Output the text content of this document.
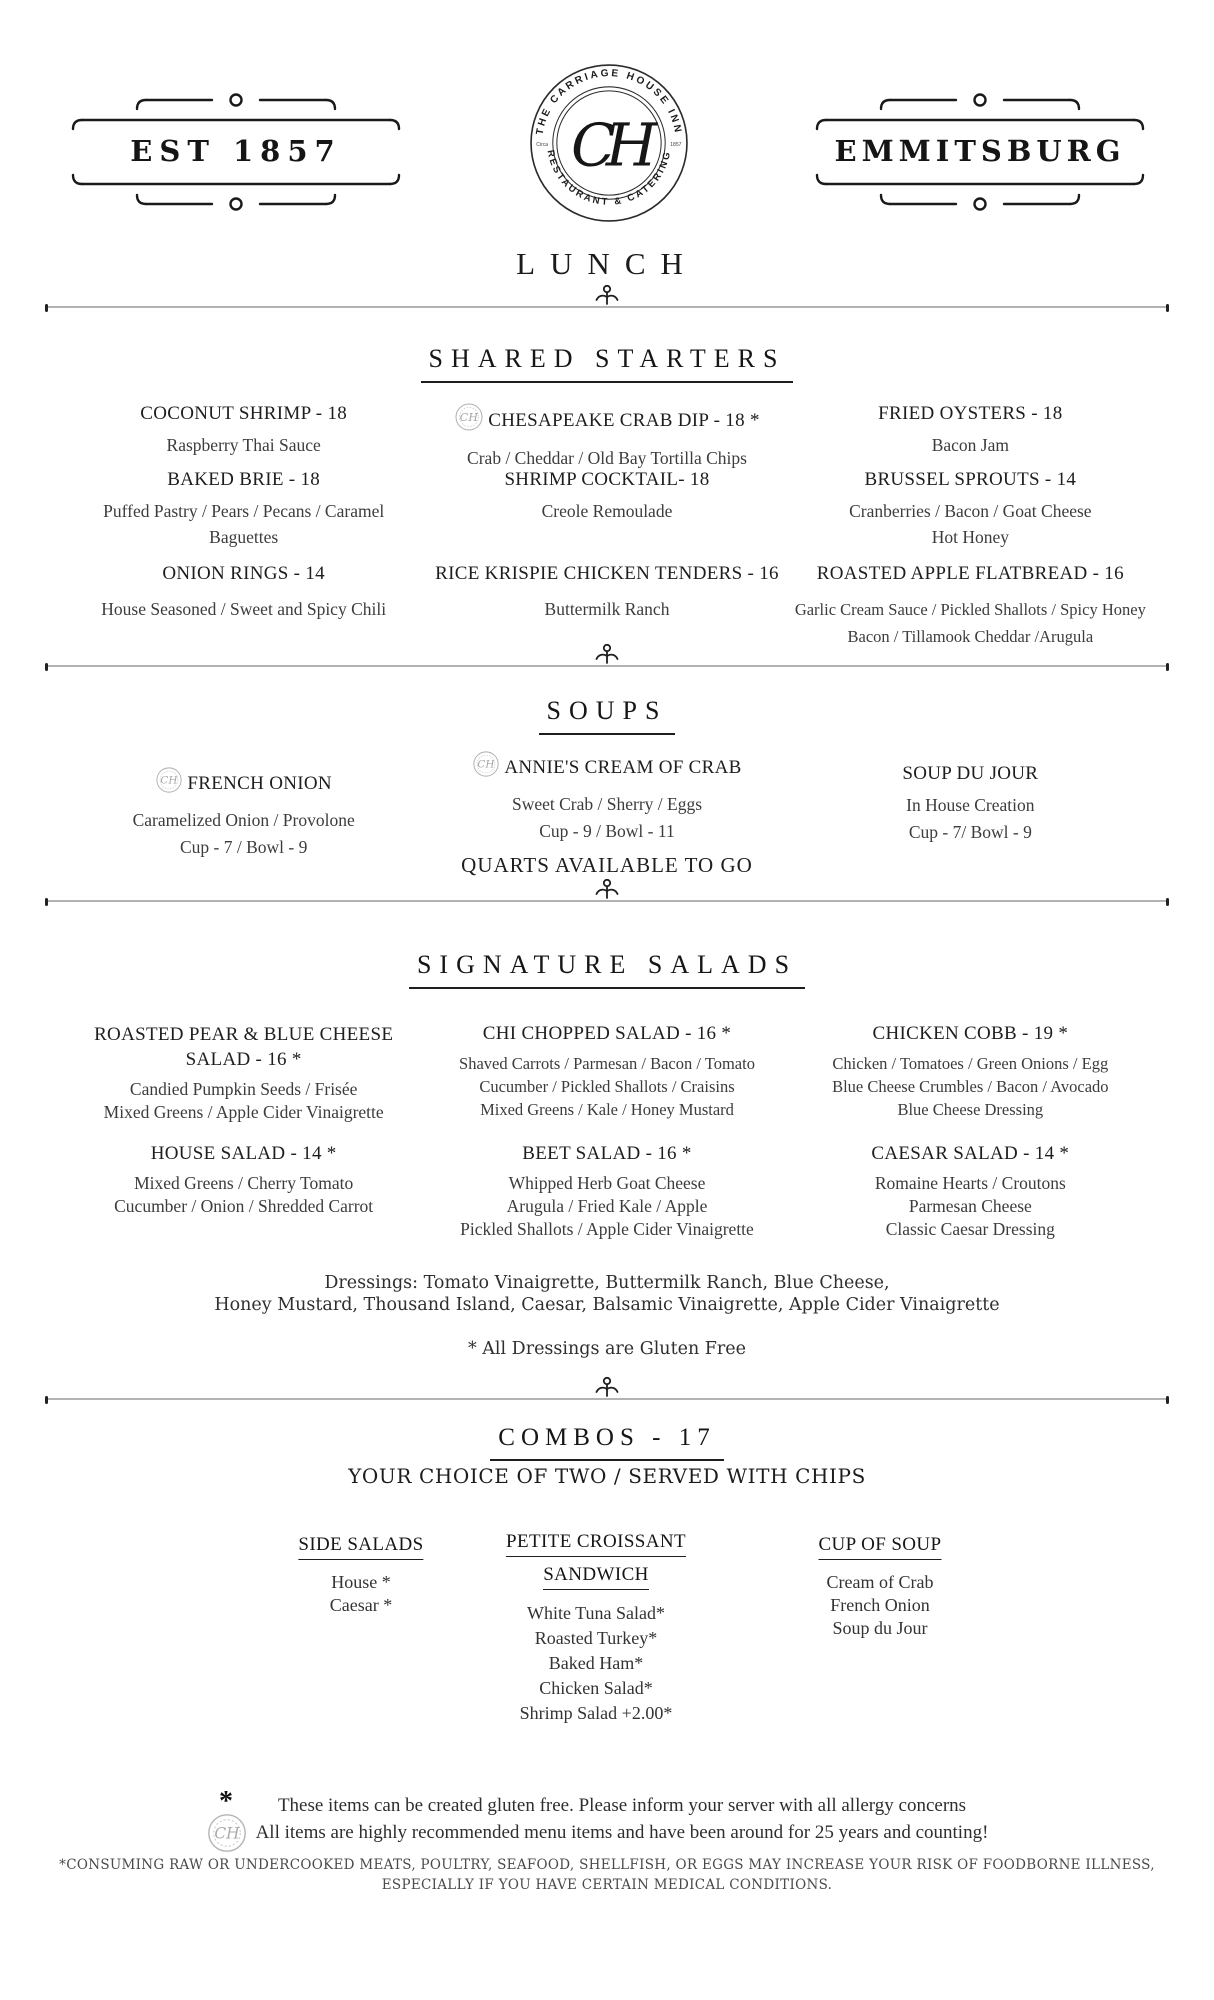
EST 1857	EMMITSBURG
THE CARRIAGE HOUSE INN
RESTAURANT & CATERING
Circa	1857
CH
LUNCH
SHARED STARTERS
COCONUT SHRIMP - 18
Raspberry Thai Sauce
CH CHESAPEAKE CRAB DIP - 18 *
Crab / Cheddar / Old Bay Tortilla Chips
FRIED OYSTERS - 18
Bacon Jam
BAKED BRIE - 18
Puffed Pastry / Pears / Pecans / Caramel
Baguettes
SHRIMP COCKTAIL- 18
Creole Remoulade
BRUSSEL SPROUTS - 14
Cranberries / Bacon / Goat Cheese
Hot Honey
ONION RINGS - 14
House Seasoned / Sweet and Spicy Chili
RICE KRISPIE CHICKEN TENDERS - 16
Buttermilk Ranch
ROASTED APPLE FLATBREAD - 16
Garlic Cream Sauce / Pickled Shallots / Spicy Honey
Bacon / Tillamook Cheddar /Arugula
SOUPS
CH FRENCH ONION
Caramelized Onion / Provolone
Cup - 7 / Bowl - 9
CH ANNIE'S CREAM OF CRAB
Sweet Crab / Sherry / Eggs
Cup - 9 / Bowl - 11
SOUP DU JOUR
In House Creation
Cup - 7/ Bowl - 9
QUARTS AVAILABLE TO GO
SIGNATURE SALADS
ROASTED PEAR & BLUE CHEESE
SALAD - 16 *
Candied Pumpkin Seeds / Frisée
Mixed Greens / Apple Cider Vinaigrette
CHI CHOPPED SALAD - 16 *
Shaved Carrots / Parmesan / Bacon / Tomato
Cucumber / Pickled Shallots / Craisins
Mixed Greens / Kale / Honey Mustard
CHICKEN COBB - 19 *
Chicken / Tomatoes / Green Onions / Egg
Blue Cheese Crumbles / Bacon / Avocado
Blue Cheese Dressing
HOUSE SALAD - 14 *
Mixed Greens / Cherry Tomato
Cucumber / Onion / Shredded Carrot
BEET SALAD - 16 *
Whipped Herb Goat Cheese
Arugula / Fried Kale / Apple
Pickled Shallots / Apple Cider Vinaigrette
CAESAR SALAD - 14 *
Romaine Hearts / Croutons
Parmesan Cheese
Classic Caesar Dressing
Dressings: Tomato Vinaigrette, Buttermilk Ranch, Blue Cheese,
Honey Mustard, Thousand Island, Caesar, Balsamic Vinaigrette, Apple Cider Vinaigrette
* All Dressings are Gluten Free
COMBOS - 17
YOUR CHOICE OF TWO / SERVED WITH CHIPS
SIDE SALADS
House *
Caesar *
PETITE CROISSANT
SANDWICH
White Tuna Salad*
Roasted Turkey*
Baked Ham*
Chicken Salad*
Shrimp Salad +2.00*
CUP OF SOUP
Cream of Crab
French Onion
Soup du Jour
*	These items can be created gluten free. Please inform your server with all allergy concerns
CH All items are highly recommended menu items and have been around for 25 years and counting!
*CONSUMING RAW OR UNDERCOOKED MEATS, POULTRY, SEAFOOD, SHELLFISH, OR EGGS MAY INCREASE YOUR RISK OF FOODBORNE ILLNESS,
ESPECIALLY IF YOU HAVE CERTAIN MEDICAL CONDITIONS.
